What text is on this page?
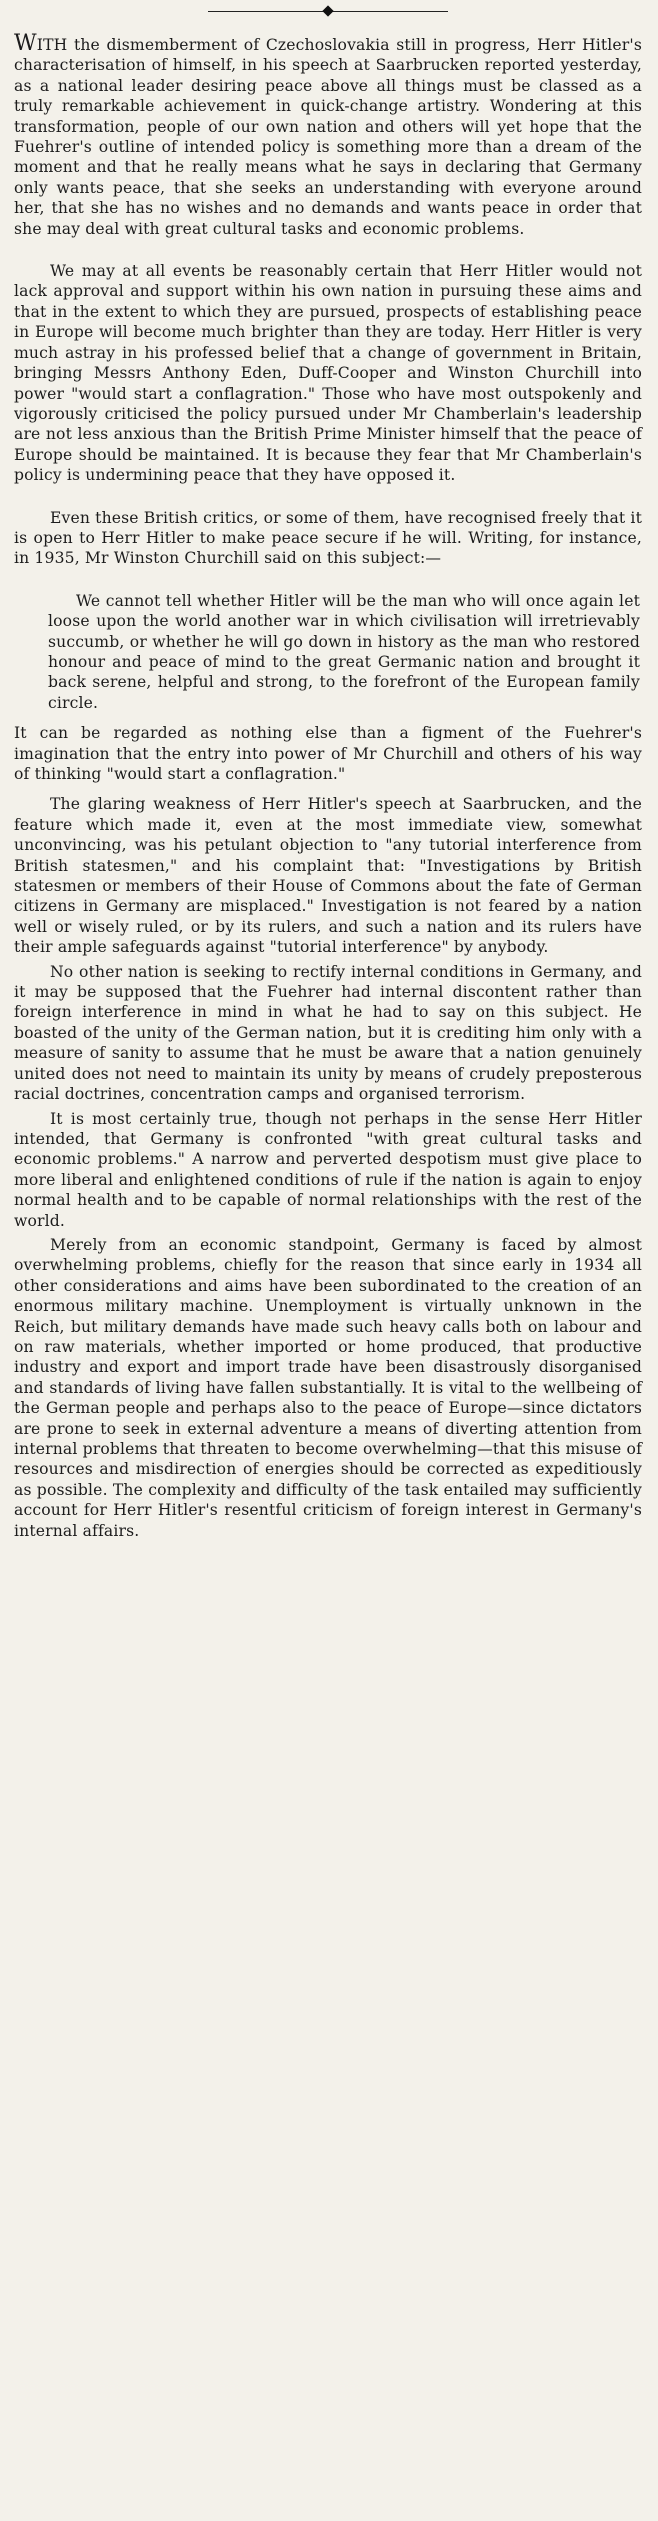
WITH the dismemberment of Czechoslovakia still in progress, Herr Hitler's characterisation of himself, in his speech at Saarbrucken reported yesterday, as a national leader desiring peace above all things must be classed as a truly remarkable achievement in quick-change artistry. Wondering at this transformation, people of our own nation and others will yet hope that the Fuehrer's outline of intended policy is something more than a dream of the moment and that he really means what he says in declaring that Germany only wants peace, that she seeks an understanding with everyone around her, that she has no wishes and no demands and wants peace in order that she may deal with great cultural tasks and economic problems.

We may at all events be reasonably certain that Herr Hitler would not lack approval and support within his own nation in pursuing these aims and that in the extent to which they are pursued, prospects of establishing peace in Europe will become much brighter than they are today. Herr Hitler is very much astray in his professed belief that a change of government in Britain, bringing Messrs Anthony Eden, Duff-Cooper and Winston Churchill into power "would start a conflagration." Those who have most outspokenly and vigorously criticised the policy pursued under Mr Chamberlain's leadership are not less anxious than the British Prime Minister himself that the peace of Europe should be maintained. It is because they fear that Mr Chamberlain's policy is undermining peace that they have opposed it.

Even these British critics, or some of them, have recognised freely that it is open to Herr Hitler to make peace secure if he will. Writing, for instance, in 1935, Mr Winston Churchill said on this subject:—

We cannot tell whether Hitler will be the man who will once again let loose upon the world another war in which civilisation will irretrievably succumb, or whether he will go down in history as the man who restored honour and peace of mind to the great Germanic nation and brought it back serene, helpful and strong, to the forefront of the European family circle.

It can be regarded as nothing else than a figment of the Fuehrer's imagination that the entry into power of Mr Churchill and others of his way of thinking "would start a conflagration."

The glaring weakness of Herr Hitler's speech at Saarbrucken, and the feature which made it, even at the most immediate view, somewhat unconvincing, was his petulant objection to "any tutorial interference from British statesmen," and his complaint that: "Investigations by British statesmen or members of their House of Commons about the fate of German citizens in Germany are misplaced." Investigation is not feared by a nation well or wisely ruled, or by its rulers, and such a nation and its rulers have their ample safeguards against "tutorial interference" by anybody.

No other nation is seeking to rectify internal conditions in Germany, and it may be supposed that the Fuehrer had internal discontent rather than foreign interference in mind in what he had to say on this subject. He boasted of the unity of the German nation, but it is crediting him only with a measure of sanity to assume that he must be aware that a nation genuinely united does not need to maintain its unity by means of crudely preposterous racial doctrines, concentration camps and organised terrorism.

It is most certainly true, though not perhaps in the sense Herr Hitler intended, that Germany is confronted "with great cultural tasks and economic problems." A narrow and perverted despotism must give place to more liberal and enlightened conditions of rule if the nation is again to enjoy normal health and to be capable of normal relationships with the rest of the world.

Merely from an economic standpoint, Germany is faced by almost overwhelming problems, chiefly for the reason that since early in 1934 all other considerations and aims have been subordinated to the creation of an enormous military machine. Unemployment is virtually unknown in the Reich, but military demands have made such heavy calls both on labour and on raw materials, whether imported or home produced, that productive industry and export and import trade have been disastrously disorganised and standards of living have fallen substantially. It is vital to the wellbeing of the German people and perhaps also to the peace of Europe—since dictators are prone to seek in external adventure a means of diverting attention from internal problems that threaten to become overwhelming—that this misuse of resources and misdirection of energies should be corrected as expeditiously as possible. The complexity and difficulty of the task entailed may sufficiently account for Herr Hitler's resentful criticism of foreign interest in Germany's internal affairs.
